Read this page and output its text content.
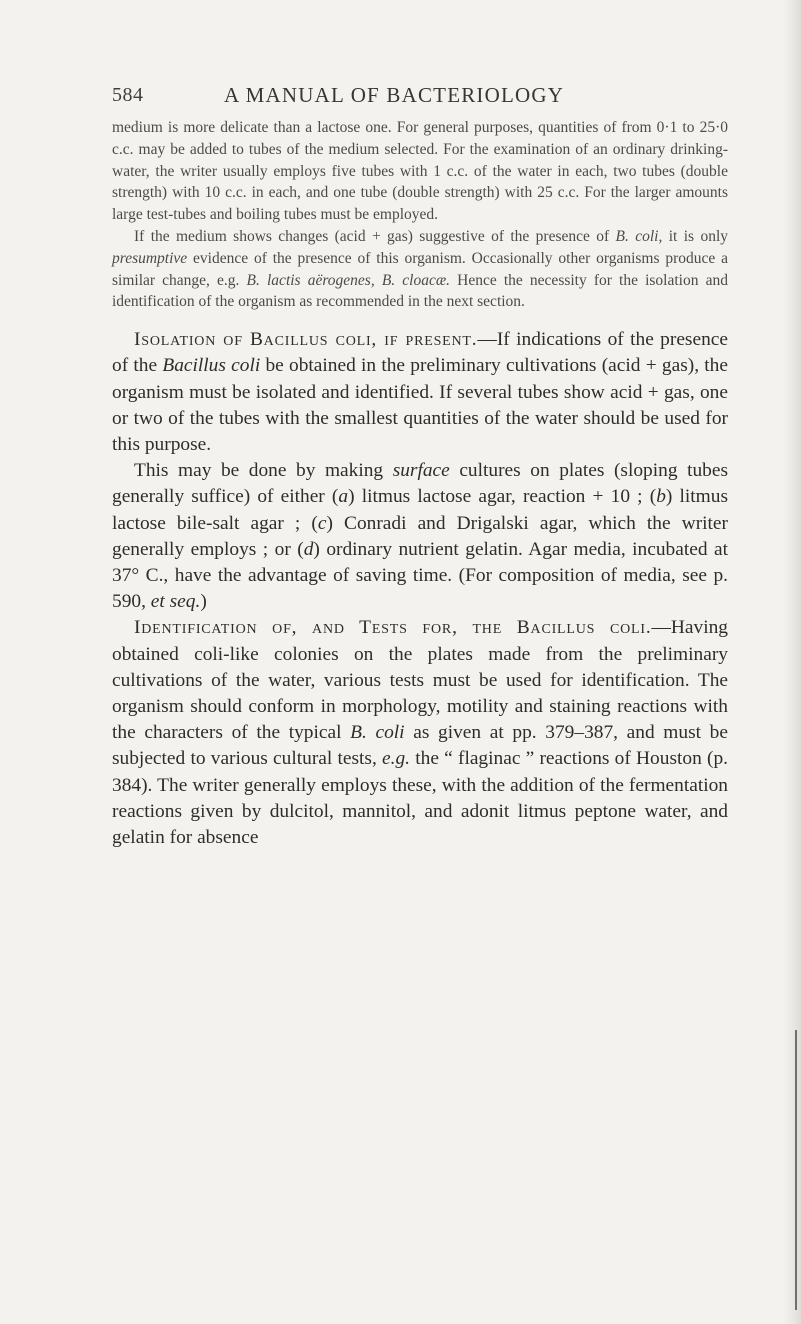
584	A MANUAL OF BACTERIOLOGY

medium is more delicate than a lactose one. For general purposes, quantities of from 0·1 to 25·0 c.c. may be added to tubes of the medium selected. For the examination of an ordinary drinking-water, the writer usually employs five tubes with 1 c.c. of the water in each, two tubes (double strength) with 10 c.c. in each, and one tube (double strength) with 25 c.c. For the larger amounts large test-tubes and boiling tubes must be employed.

If the medium shows changes (acid + gas) suggestive of the presence of B. coli, it is only presumptive evidence of the presence of this organism. Occasionally other organisms produce a similar change, e.g. B. lactis aërogenes, B. cloacæ. Hence the necessity for the isolation and identification of the organism as recommended in the next section.

Isolation of Bacillus coli, if present.—If indications of the presence of the Bacillus coli be obtained in the preliminary cultivations (acid + gas), the organism must be isolated and identified. If several tubes show acid + gas, one or two of the tubes with the smallest quantities of the water should be used for this purpose.

This may be done by making surface cultures on plates (sloping tubes generally suffice) of either (a) litmus lactose agar, reaction + 10 ; (b) litmus lactose bile-salt agar ; (c) Conradi and Drigalski agar, which the writer generally employs ; or (d) ordinary nutrient gelatin. Agar media, incubated at 37° C., have the advantage of saving time. (For composition of media, see p. 590, et seq.)

Identification of, and Tests for, the Bacillus coli.—Having obtained coli-like colonies on the plates made from the preliminary cultivations of the water, various tests must be used for identification. The organism should conform in morphology, motility and staining reactions with the characters of the typical B. coli as given at pp. 379–387, and must be subjected to various cultural tests, e.g. the “ flaginac ” reactions of Houston (p. 384). The writer generally employs these, with the addition of the fermentation reactions given by dulcitol, mannitol, and adonit litmus peptone water, and gelatin for absence
